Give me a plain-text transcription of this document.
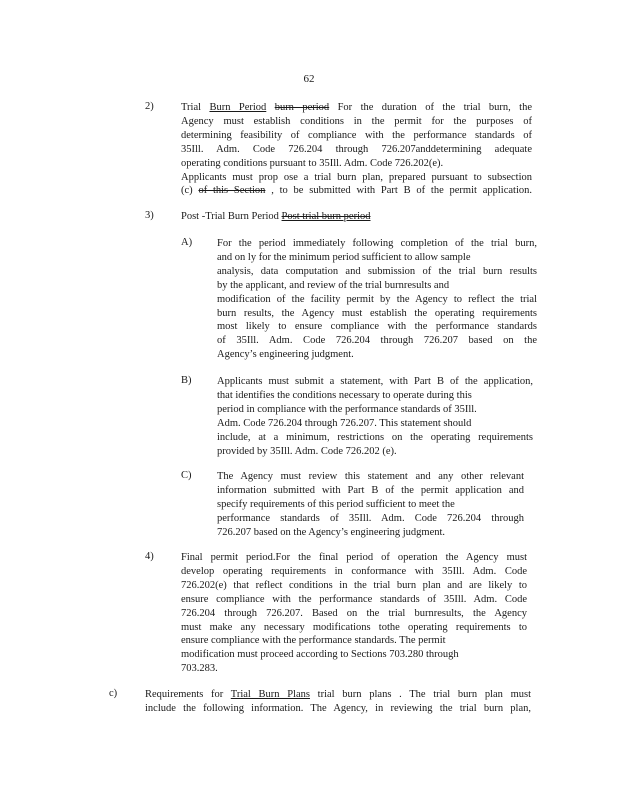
62
2)	Trial Burn Period burn period For the duration of the trial burn, the
Agency must establish conditions in the permit for the purposes of
determining feasibility of compliance with the performance standards of
35Ill. Adm. Code 726.204 through 726.207anddetermining adequate
operating conditions pursuant to 35Ill. Adm. Code 726.202(e).
Applicants must prop ose a trial burn plan, prepared pursuant to subsection
(c) of this Section , to be submitted with Part B of the permit application.
3)	Post -Trial Burn Period Post trial burn period
A) For the period immediately following completion of the trial burn,
and on ly for the minimum period sufficient to allow sample
analysis, data computation and submission of the trial burn results
by the applicant, and review of the trial burnresults and
modification of the facility permit by the Agency to reflect the trial
burn results, the Agency must establish the operating requirements
most likely to ensure compliance with the performance standards
of 35Ill. Adm. Code 726.204 through 726.207 based on the
Agency’s engineering judgment.
B) Applicants must submit a statement, with Part B of the application,
that identifies the conditions necessary to operate during this
period in compliance with the performance standards of 35Ill.
Adm. Code 726.204 through 726.207. This statement should
include, at a minimum, restrictions on the operating requirements
provided by 35Ill. Adm. Code 726.202 (e).
C) The Agency must review this statement and any other relevant
information submitted with Part B of the permit application and
specify requirements of this period sufficient to meet the
performance standards of 35Ill. Adm. Code 726.204 through
726.207 based on the Agency’s engineering judgment.
4)	Final permit period.For the final period of operation the Agency must
develop operating requirements in conformance with 35Ill. Adm. Code
726.202(e) that reflect conditions in the trial burn plan and are likely to
ensure compliance with the performance standards of 35Ill. Adm. Code
726.204 through 726.207. Based on the trial burnresults, the Agency
must make any necessary modifications tothe operating requirements to
ensure compliance with the performance standards. The permit
modification must proceed according to Sections 703.280 through
703.283.
c)	Requirements for Trial Burn Plans trial burn plans . The trial burn plan must
include the following information. The Agency, in reviewing the trial burn plan,
